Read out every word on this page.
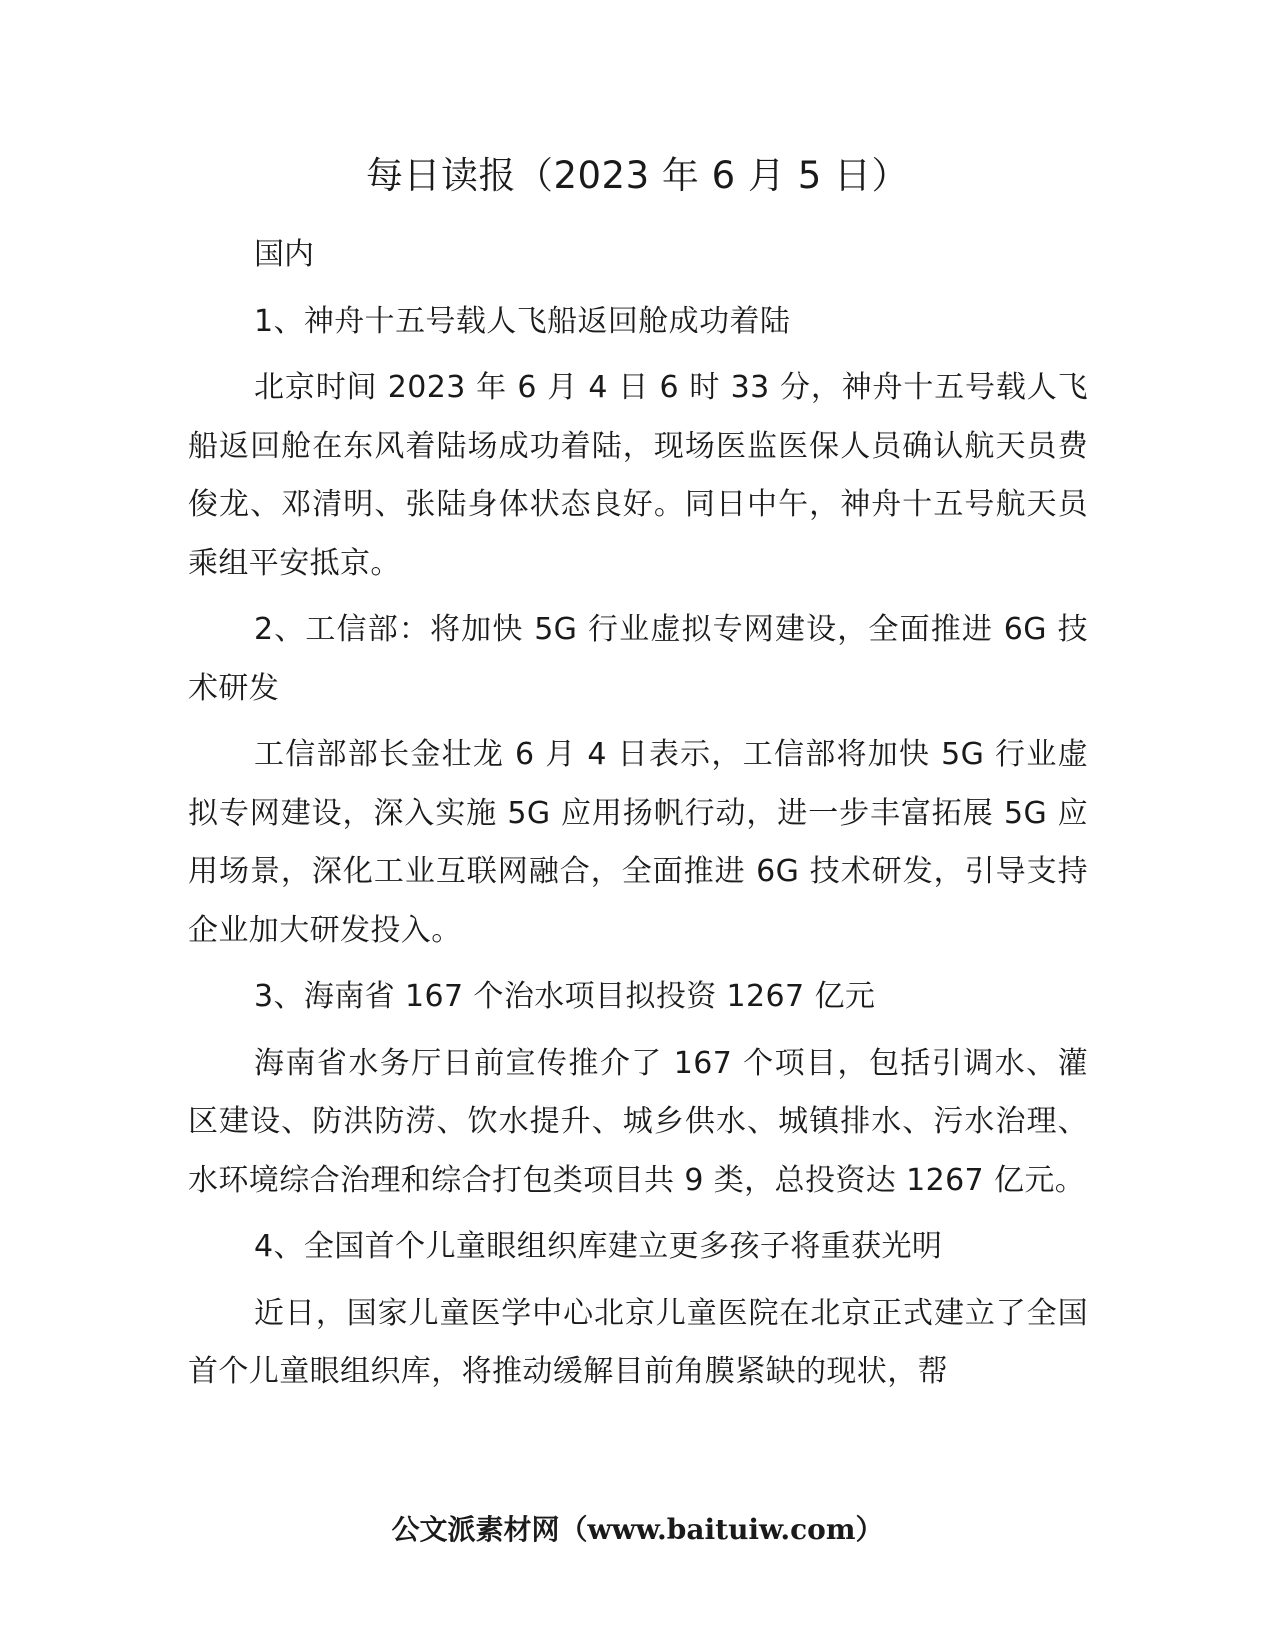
每日读报（2023 年 6 月 5 日）

国内

1、神舟十五号载人飞船返回舱成功着陆

北京时间 2023 年 6 月 4 日 6 时 33 分，神舟十五号载人飞船返回舱在东风着陆场成功着陆，现场医监医保人员确认航天员费俊龙、邓清明、张陆身体状态良好。同日中午，神舟十五号航天员乘组平安抵京。

2、工信部：将加快 5G 行业虚拟专网建设，全面推进 6G 技术研发

工信部部长金壮龙 6 月 4 日表示，工信部将加快 5G 行业虚拟专网建设，深入实施 5G 应用扬帆行动，进一步丰富拓展 5G 应用场景，深化工业互联网融合，全面推进 6G 技术研发，引导支持企业加大研发投入。

3、海南省 167 个治水项目拟投资 1267 亿元

海南省水务厅日前宣传推介了 167 个项目，包括引调水、灌区建设、防洪防涝、饮水提升、城乡供水、城镇排水、污水治理、水环境综合治理和综合打包类项目共 9 类，总投资达 1267 亿元。

4、全国首个儿童眼组织库建立更多孩子将重获光明

近日，国家儿童医学中心北京儿童医院在北京正式建立了全国首个儿童眼组织库，将推动缓解目前角膜紧缺的现状，帮

公文派素材网（www.baituiw.com）
